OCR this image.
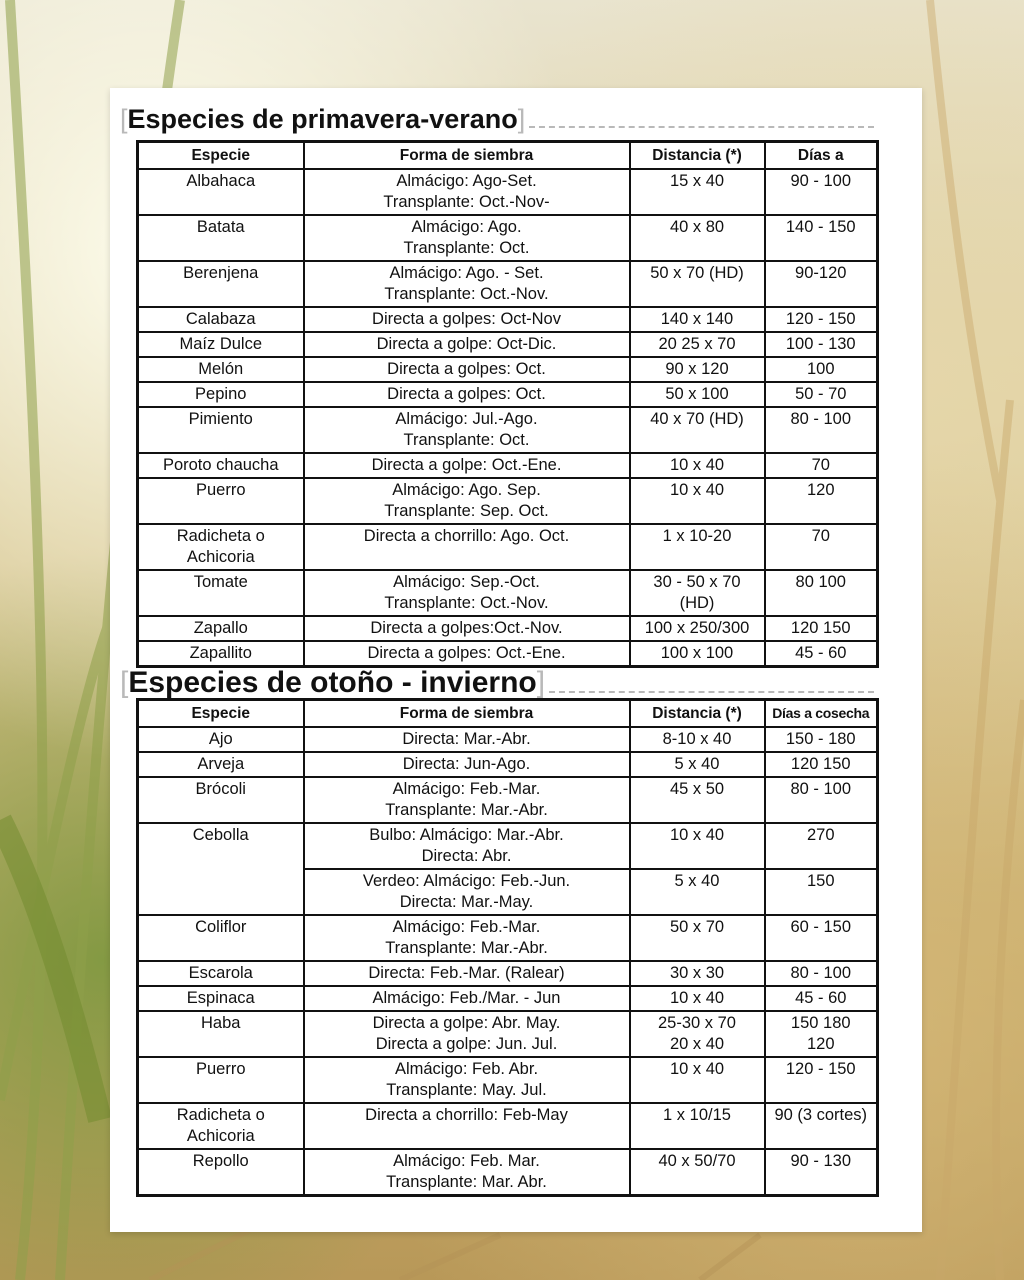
[ Especies de primavera-verano ]
Especie	Forma de siembra	Distancia (*)	Días a

Albahaca	Almácigo: Ago-Set.
Transplante: Oct.-Nov-	15 x 40	90 - 100

Batata	Almácigo: Ago.
Transplante: Oct.	40 x 80	140 - 150

Berenjena	Almácigo: Ago. - Set.
Transplante: Oct.-Nov.	50 x 70 (HD)	90-120

Calabaza	Directa a golpes: Oct-Nov	140 x 140	120 - 150

Maíz Dulce	Directa a golpe: Oct-Dic.	20 25 x 70	100 - 130

Melón	Directa a golpes: Oct.	90 x 120	100

Pepino	Directa a golpes: Oct.	50 x 100	50 - 70

Pimiento	Almácigo: Jul.-Ago.
Transplante: Oct.	40 x 70 (HD)	80 - 100

Poroto chaucha	Directa a golpe: Oct.-Ene.	10 x 40	70

Puerro	Almácigo: Ago. Sep.
Transplante: Sep. Oct.	10 x 40	120

Radicheta o
Achicoria	Directa a chorrillo: Ago. Oct.	1 x 10-20	70

Tomate	Almácigo: Sep.-Oct.
Transplante: Oct.-Nov.	30 - 50 x 70
(HD)	80 100

Zapallo	Directa a golpes:Oct.-Nov.	100 x 250/300	120 150

Zapallito	Directa a golpes: Oct.-Ene.	100 x 100	45 - 60
[ Especies de otoño - invierno ]
Especie	Forma de siembra	Distancia (*)	Días a cosecha

Ajo	Directa: Mar.-Abr.	8-10 x 40	150 - 180

Arveja	Directa: Jun-Ago.	5 x 40	120 150

Brócoli	Almácigo: Feb.-Mar.
Transplante: Mar.-Abr.	45 x 50	80 - 100

Cebolla	Bulbo: Almácigo: Mar.-Abr.
Directa: Abr.	10 x 40	270

	Verdeo: Almácigo: Feb.-Jun.
Directa: Mar.-May.	5 x 40	150

Coliflor	Almácigo: Feb.-Mar.
Transplante: Mar.-Abr.	50 x 70	60 - 150

Escarola	Directa: Feb.-Mar. (Ralear)	30 x 30	80 - 100

Espinaca	Almácigo: Feb./Mar. - Jun	10 x 40	45 - 60

Haba	Directa a golpe: Abr. May.
Directa a golpe: Jun. Jul.	25-30 x 70
20 x 40	150 180
120

Puerro	Almácigo: Feb. Abr.
Transplante: May. Jul.	10 x 40	120 - 150

Radicheta o
Achicoria	Directa a chorrillo: Feb-May	1 x 10/15	90 (3 cortes)

Repollo	Almácigo: Feb. Mar.
Transplante: Mar. Abr.	40 x 50/70	90 - 130
